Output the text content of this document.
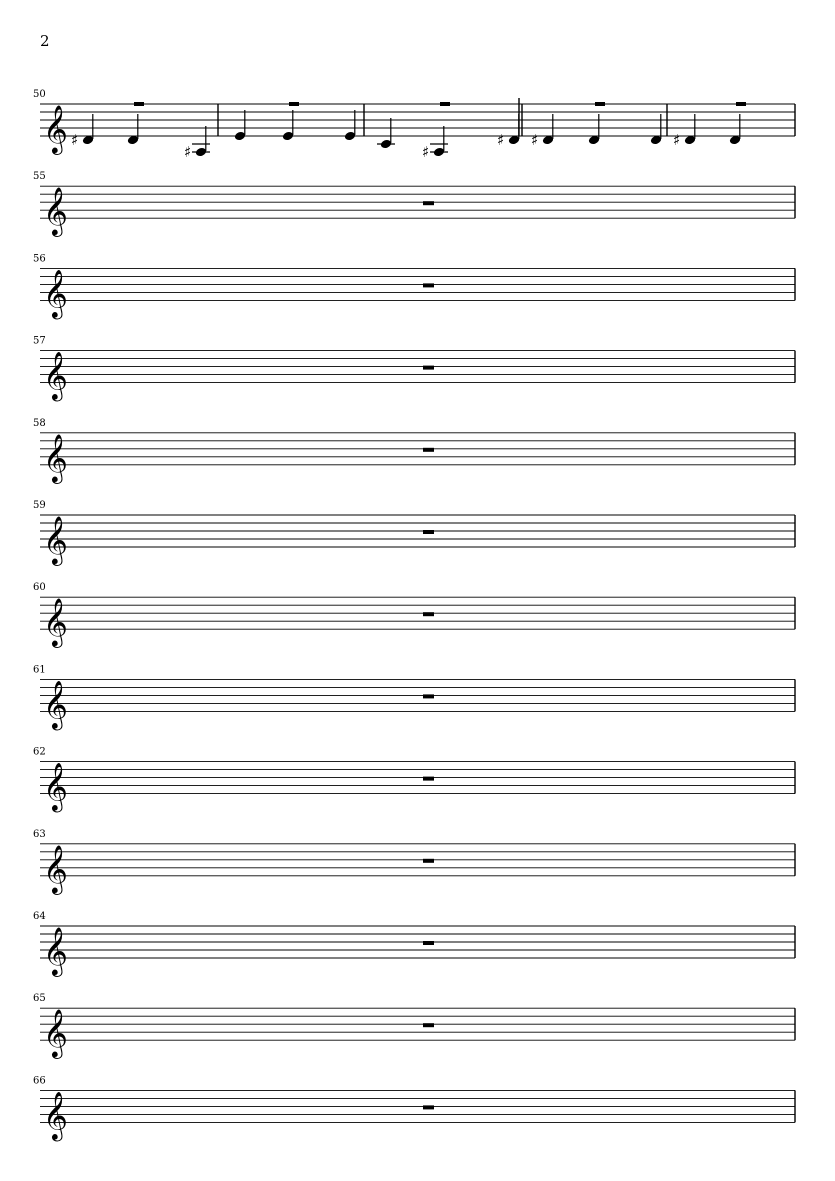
2
50
𝄞 ♯
♯	♯
♯ ♯	♯
55
𝄞
56
𝄞
57
𝄞
58
𝄞
59
𝄞
60
𝄞
61
𝄞
62
𝄞
63
𝄞
64
𝄞
65
𝄞
66
𝄞
